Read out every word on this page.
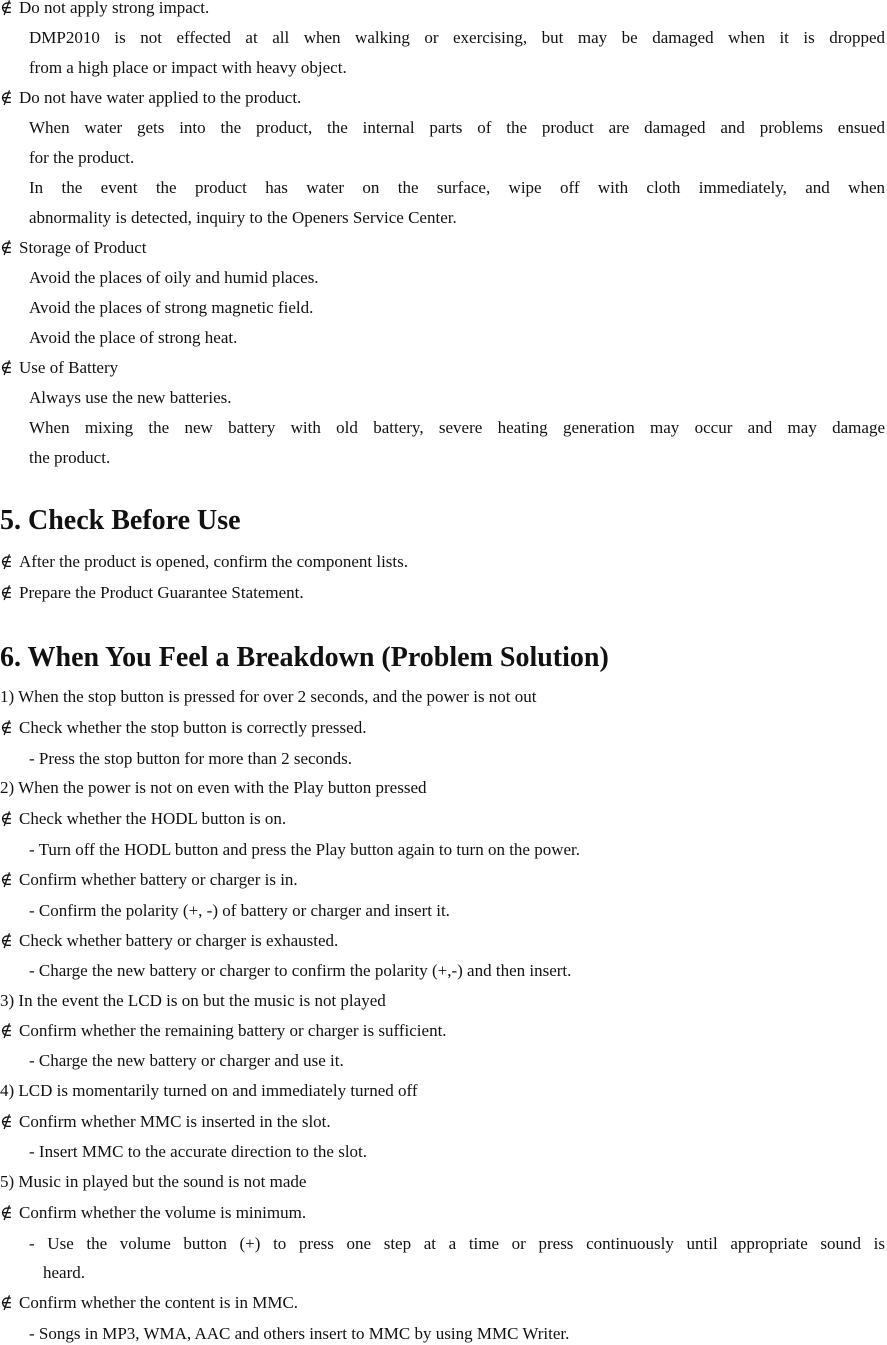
∉ Do not apply strong impact.
DMP2010 is not effected at all when walking or exercising, but may be damaged when it is dropped
from a high place or impact with heavy object.
∉ Do not have water applied to the product.
When water gets into the product, the internal parts of the product are damaged and problems ensued
for the product.
In the event the product has water on the surface, wipe off with cloth immediately, and when
abnormality is detected, inquiry to the Openers Service Center.
∉ Storage of Product
Avoid the places of oily and humid places.
Avoid the places of strong magnetic field.
Avoid the place of strong heat.
∉ Use of Battery
Always use the new batteries.
When mixing the new battery with old battery, severe heating generation may occur and may damage
the product.
5. Check Before Use
∉ After the product is opened, confirm the component lists.
∉ Prepare the Product Guarantee Statement.
6. When You Feel a Breakdown (Problem Solution)
1) When the stop button is pressed for over 2 seconds, and the power is not out
∉ Check whether the stop button is correctly pressed.
- Press the stop button for more than 2 seconds.
2) When the power is not on even with the Play button pressed
∉ Check whether the HODL button is on.
- Turn off the HODL button and press the Play button again to turn on the power.
∉ Confirm whether battery or charger is in.
- Confirm the polarity (+, -) of battery or charger and insert it.
∉ Check whether battery or charger is exhausted.
- Charge the new battery or charger to confirm the polarity (+,-) and then insert.
3) In the event the LCD is on but the music is not played
∉ Confirm whether the remaining battery or charger is sufficient.
- Charge the new battery or charger and use it.
4) LCD is momentarily turned on and immediately turned off
∉ Confirm whether MMC is inserted in the slot.
- Insert MMC to the accurate direction to the slot.
5) Music in played but the sound is not made
∉ Confirm whether the volume is minimum.
- Use the volume button (+) to press one step at a time or press continuously until appropriate sound is
heard.
∉ Confirm whether the content is in MMC.
- Songs in MP3, WMA, AAC and others insert to MMC by using MMC Writer.
